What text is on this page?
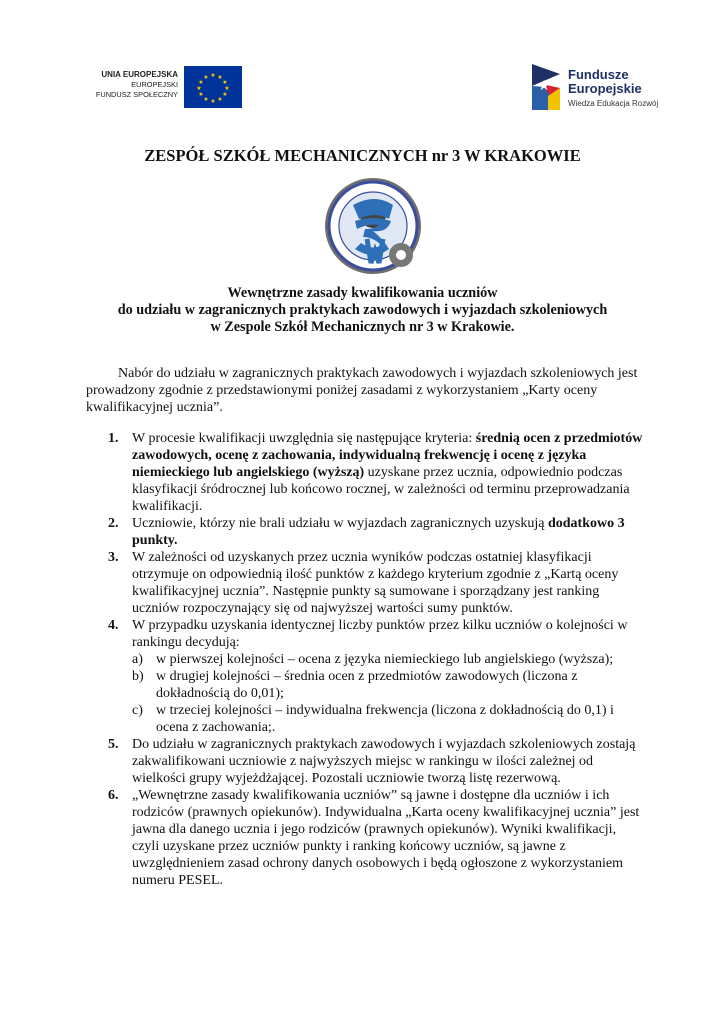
UNIA EUROPEJSKA
EUROPEJSKI
FUNDUSZ SPOŁECZNY
★ ★
★
★
★
★
★
★
★
★
★
★
★
Fundusze
Europejskie
Wiedza Edukacja Rozwój
ZESPÓŁ SZKÓŁ MECHANICZNYCH nr 3 W KRAKOWIE
Wewnętrzne zasady kwalifikowania uczniów
do udziału w zagranicznych praktykach zawodowych i wyjazdach szkoleniowych
w Zespole Szkół Mechanicznych nr 3 w Krakowie.
Nabór do udziału w zagranicznych praktykach zawodowych i wyjazdach szkoleniowych jest prowadzony zgodnie z przedstawionymi poniżej zasadami z wykorzystaniem „Karty oceny kwalifikacyjnej ucznia”.
1. W procesie kwalifikacji uwzględnia się następujące kryteria: średnią ocen z przedmiotów zawodowych, ocenę z zachowania, indywidualną frekwencję i ocenę z języka niemieckiego lub angielskiego (wyższą) uzyskane przez ucznia, odpowiednio podczas klasyfikacji śródrocznej lub końcowo rocznej, w zależności od terminu przeprowadzania kwalifikacji.
2. Uczniowie, którzy nie brali udziału w wyjazdach zagranicznych uzyskują dodatkowo 3 punkty.
3. W zależności od uzyskanych przez ucznia wyników podczas ostatniej klasyfikacji otrzymuje on odpowiednią ilość punktów z każdego kryterium zgodnie z „Kartą oceny kwalifikacyjnej ucznia”. Następnie punkty są sumowane i sporządzany jest ranking uczniów rozpoczynający się od najwyższej wartości sumy punktów.
4. W przypadku uzyskania identycznej liczby punktów przez kilku uczniów o kolejności w rankingu decydują:
a) w pierwszej kolejności – ocena z języka niemieckiego lub angielskiego (wyższa);
b) w drugiej kolejności – średnia ocen z przedmiotów zawodowych (liczona z dokładnością do 0,01);
c) w trzeciej kolejności – indywidualna frekwencja (liczona z dokładnością do 0,1) i ocena z zachowania;.
5. Do udziału w zagranicznych praktykach zawodowych i wyjazdach szkoleniowych zostają zakwalifikowani uczniowie z najwyższych miejsc w rankingu w ilości zależnej od wielkości grupy wyjeżdżającej. Pozostali uczniowie tworzą listę rezerwową.
6. „Wewnętrzne zasady kwalifikowania uczniów” są jawne i dostępne dla uczniów i ich rodziców (prawnych opiekunów). Indywidualna „Karta oceny kwalifikacyjnej ucznia” jest jawna dla danego ucznia i jego rodziców (prawnych opiekunów). Wyniki kwalifikacji, czyli uzyskane przez uczniów punkty i ranking końcowy uczniów, są jawne z uwzględnieniem zasad ochrony danych osobowych i będą ogłoszone z wykorzystaniem numeru PESEL.
